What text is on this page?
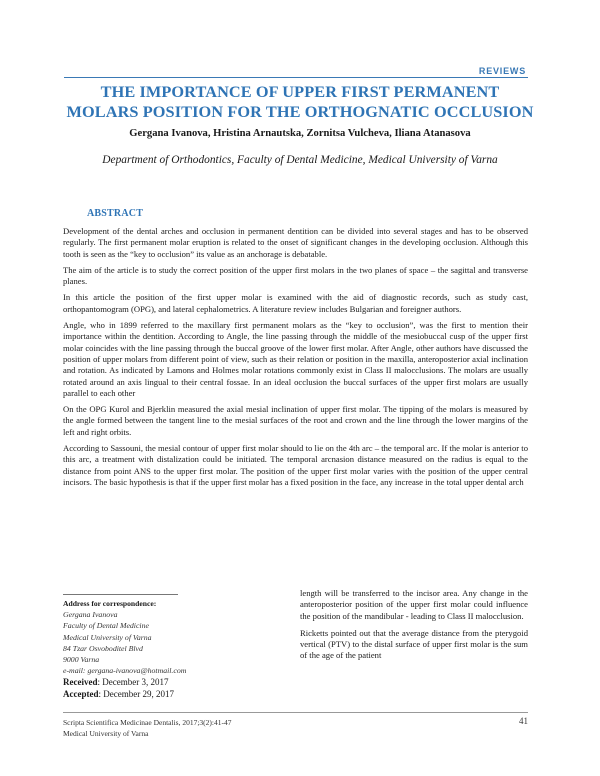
REVIEWS
THE IMPORTANCE OF UPPER FIRST PERMANENT
MOLARS POSITION FOR THE ORTHOGNATIC OCCLUSION
Gergana Ivanova, Hristina Arnautska, Zornitsa Vulcheva, Iliana Atanasova
Department of Orthodontics, Faculty of Dental Medicine, Medical University of Varna
ABSTRACT

Development of the dental arches and occlusion in permanent dentition can be divided into several stages and has to be observed regularly. The first permanent molar eruption is related to the onset of significant changes in the developing occlusion. Although this tooth is seen as the “key to occlusion” its value as an anchorage is debatable.

The aim of the article is to study the correct position of the upper first molars in the two planes of space – the sagittal and transverse planes.

In this article the position of the first upper molar is examined with the aid of diagnostic records, such as study cast, orthopantomogram (OPG), and lateral cephalometrics. A literature review includes Bulgarian and foreigner authors.

Angle, who in 1899 referred to the maxillary first permanent molars as the “key to occlusion”, was the first to mention their importance within the dentition. According to Angle, the line passing through the middle of the mesiobuccal cusp of the upper first molar coincides with the line passing through the buccal groove of the lower first molar. After Angle, other authors have discussed the position of upper molars from different point of view, such as their relation or position in the maxilla, anteroposterior axial inclination and rotation. As indicated by Lamons and Holmes molar rotations commonly exist in Class II malocclusions. The molars are usually rotated around an axis lingual to their central fossae. In an ideal occlusion the buccal surfaces of the upper first molars are usually parallel to each other

On the OPG Kurol and Bjerklin measured the axial mesial inclination of upper first molar. The tipping of the molars is measured by the angle formed between the tangent line to the mesial surfaces of the root and crown and the line through the lower margins of the left and right orbits.

According to Sassouni, the mesial contour of upper first molar should to lie on the 4th arc – the temporal arc. If the molar is anterior to this arc, a treatment with distalization could be initiated. The temporal arcnasion distance measured on the radius is equal to the distance from point ANS to the upper first molar. The position of the upper first molar varies with the position of the upper central incisors. The basic hypothesis is that if the upper first molar has a fixed position in the face, any increase in the total upper dental arch

Address for correspondence:
Gergana Ivanova
Faculty of Dental Medicine
Medical University of Varna
84 Tzar Osvoboditel Blvd
9000 Varna
e-mail: gergana-ivanova@hotmail.com
Received: December 3, 2017
Accepted: December 29, 2017

length will be transferred to the incisor area. Any change in the anteroposterior position of the upper first molar could influence the position of the mandibular - leading to Class II malocclusion.

Ricketts pointed out that the average distance from the pterygoid vertical (PTV) to the distal surface of upper first molar is the sum of the age of the patient

Scripta Scientifica Medicinae Dentalis, 2017;3(2):41-47
Medical University of Varna
41
